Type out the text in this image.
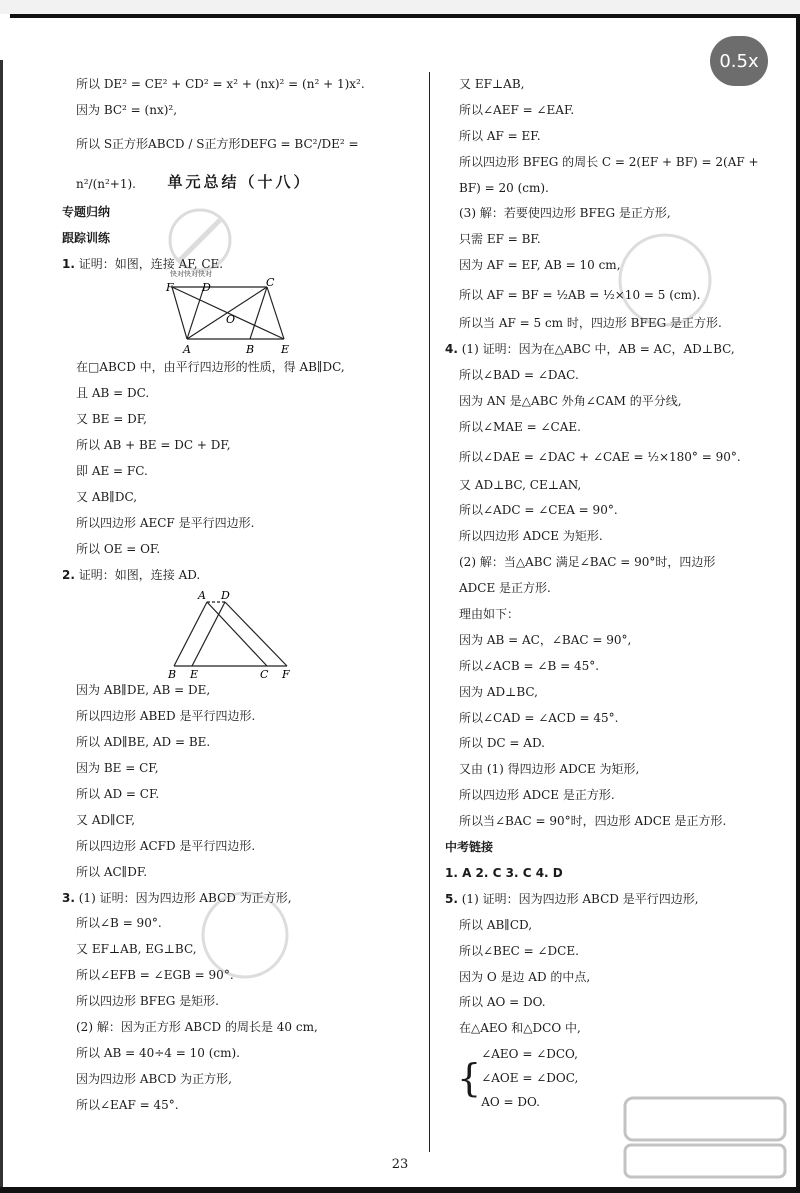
0.5x
所以 DE² = CE² + CD² = x² + (nx)² = (n² + 1)x².
因为 BC² = (nx)²,
所以 S正方形ABCD / S正方形DEFG = BC²/DE² = n²/(n²+1).	单元总结（十八）
专题归纳
跟踪训练
1. 证明：如图，连接 AF, CE.
快对快对快对
F	D	C
O
A	B E
在□ABCD 中，由平行四边形的性质，得 AB∥DC,
且 AB = DC.
又 BE = DF,
所以 AB + BE = DC + DF,
即 AE = FC.
又 AB∥DC,
所以四边形 AECF 是平行四边形.
所以 OE = OF.
2. 证明：如图，连接 AD.
A D
B E	C F
因为 AB∥DE, AB = DE,
所以四边形 ABED 是平行四边形.
所以 AD∥BE, AD = BE.
因为 BE = CF,
所以 AD = CF.
又 AD∥CF,
所以四边形 ACFD 是平行四边形.
所以 AC∥DF.
3. (1) 证明：因为四边形 ABCD 为正方形,
所以∠B = 90°.
又 EF⊥AB, EG⊥BC,
所以∠EFB = ∠EGB = 90°.
所以四边形 BFEG 是矩形.
(2) 解：因为正方形 ABCD 的周长是 40 cm,
所以 AB = 40÷4 = 10 (cm).
因为四边形 ABCD 为正方形,
所以∠EAF = 45°.
又 EF⊥AB,
所以∠AEF = ∠EAF.
所以 AF = EF.
所以四边形 BFEG 的周长 C = 2(EF + BF) = 2(AF +
BF) = 20 (cm).
(3) 解：若要使四边形 BFEG 是正方形,
只需 EF = BF.
因为 AF = EF, AB = 10 cm,
所以 AF = BF = ½AB = ½×10 = 5 (cm).
所以当 AF = 5 cm 时，四边形 BFEG 是正方形.
4. (1) 证明：因为在△ABC 中，AB = AC，AD⊥BC,
所以∠BAD = ∠DAC.
因为 AN 是△ABC 外角∠CAM 的平分线,
所以∠MAE = ∠CAE.
所以∠DAE = ∠DAC + ∠CAE = ½×180° = 90°.
又 AD⊥BC, CE⊥AN,
所以∠ADC = ∠CEA = 90°.
所以四边形 ADCE 为矩形.
(2) 解：当△ABC 满足∠BAC = 90°时，四边形
ADCE 是正方形.
理由如下：
因为 AB = AC，∠BAC = 90°,
所以∠ACB = ∠B = 45°.
因为 AD⊥BC,
所以∠CAD = ∠ACD = 45°.
所以 DC = AD.
又由 (1) 得四边形 ADCE 为矩形,
所以四边形 ADCE 是正方形.
所以当∠BAC = 90°时，四边形 ADCE 是正方形.
中考链接
1. A 2. C 3. C 4. D
5. (1) 证明：因为四边形 ABCD 是平行四边形,
所以 AB∥CD,
所以∠BEC = ∠DCE.
因为 O 是边 AD 的中点,
所以 AO = DO.
在△AEO 和△DCO 中,
{
∠AEO = ∠DCO,
∠AOE = ∠DOC,
AO = DO.
23
